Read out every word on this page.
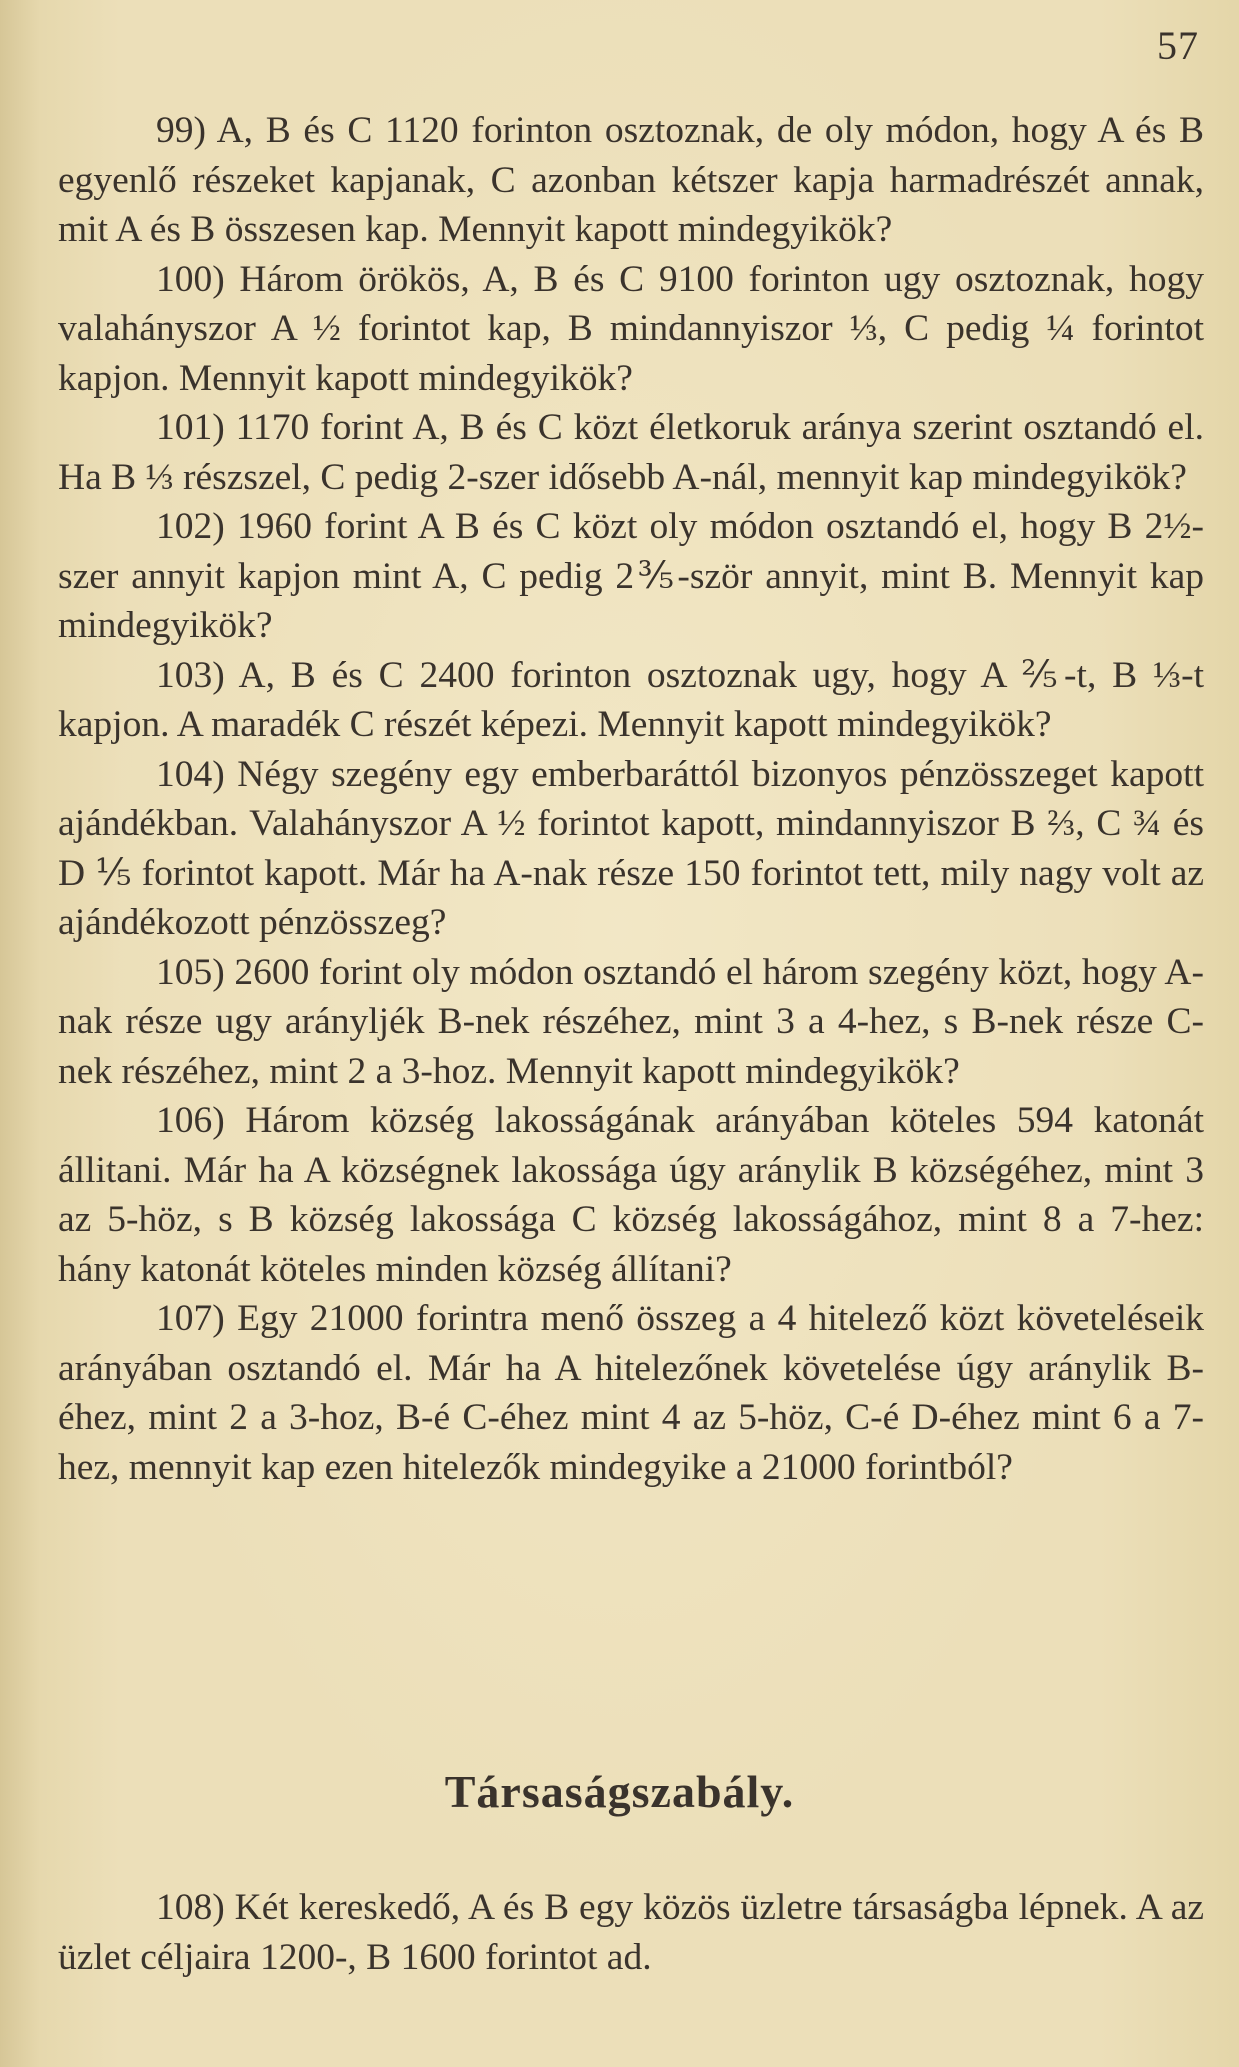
57

99) A, B és C 1120 forinton osztoznak, de oly módon, hogy A és B egyenlő részeket kapjanak, C azonban kétszer kapja harmadrészét annak, mit A és B összesen kap. Mennyit kapott mindegyikök?

100) Három örökös, A, B és C 9100 forinton ugy osztoznak, hogy valahányszor A ½ forintot kap, B mindannyiszor ⅓, C pedig ¼ forintot kapjon. Mennyit kapott mindegyikök?

101) 1170 forint A, B és C közt életkoruk aránya szerint osztandó el. Ha B ⅓ részszel, C pedig 2-szer idősebb A-nál, mennyit kap mindegyikök?

102) 1960 forint A B és C közt oly módon osztandó el, hogy B 2½-szer annyit kapjon mint A, C pedig 2⅗-ször annyit, mint B. Mennyit kap mindegyikök?

103) A, B és C 2400 forinton osztoznak ugy, hogy A ⅖-t, B ⅓-t kapjon. A maradék C részét képezi. Mennyit kapott mindegyikök?

104) Négy szegény egy emberbaráttól bizonyos pénzösszeget kapott ajándékban. Valahányszor A ½ forintot kapott, mindannyiszor B ⅔, C ¾ és D ⅕ forintot kapott. Már ha A-nak része 150 forintot tett, mily nagy volt az ajándékozott pénzösszeg?

105) 2600 forint oly módon osztandó el három szegény közt, hogy A-nak része ugy arányljék B-nek részéhez, mint 3 a 4-hez, s B-nek része C-nek részéhez, mint 2 a 3-hoz. Mennyit kapott mindegyikök?

106) Három község lakosságának arányában köteles 594 katonát állitani. Már ha A községnek lakossága úgy aránylik B községéhez, mint 3 az 5-höz, s B község lakossága C község lakosságához, mint 8 a 7-hez: hány katonát köteles minden község állítani?

107) Egy 21000 forintra menő összeg a 4 hitelező közt követeléseik arányában osztandó el. Már ha A hitelezőnek követelése úgy aránylik B-éhez, mint 2 a 3-hoz, B-é C-éhez mint 4 az 5-höz, C-é D-éhez mint 6 a 7-hez, mennyit kap ezen hitelezők mindegyike a 21000 forintból?

Társaságszabály.

108) Két kereskedő, A és B egy közös üzletre társaságba lépnek. A az üzlet céljaira 1200-, B 1600 forintot ad.
